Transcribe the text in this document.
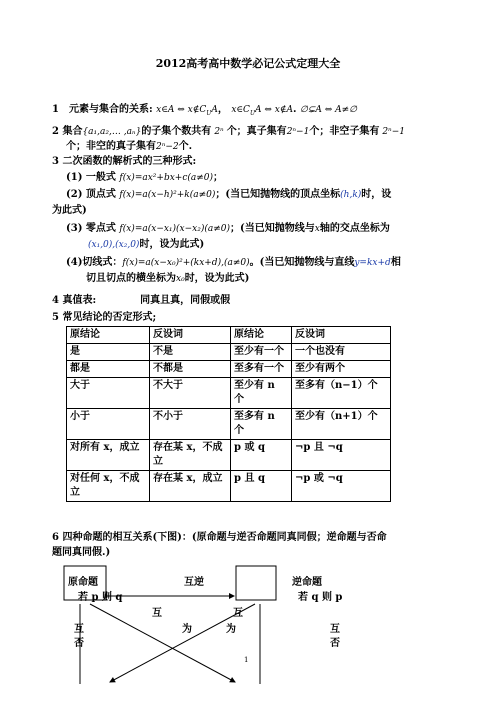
2012高考高中数学必记公式定理大全
1　元素与集合的关系: x∈A ⇔ $x\notin C_UA$， $x\in C_UA$ ⇔ x∉A. ∅⊊A ⇔ A≠∅
2 集合{a₁,a₂,… ,aₙ}的子集个数共有 2ⁿ 个；真子集有2ⁿ−1个；非空子集有 2ⁿ−1
个；非空的真子集有2ⁿ−2个.
3 二次函数的解析式的三种形式:
(1) 一般式 f(x)=ax²+bx+c(a≠0)；
(2) 顶点式 f(x)=a(x−h)²+k(a≠0)；(当已知抛物线的顶点坐标(h,k)时，设
为此式)
(3) 零点式 f(x)=a(x−x₁)(x−x₂)(a≠0)；(当已知抛物线与x轴的交点坐标为
(x₁,0),(x₂,0)时，设为此式)
(4)切线式：f(x)=a(x−x₀)²+(kx+d),(a≠0)。(当已知抛物线与直线y=kx+d相
切且切点的横坐标为x₀时，设为此式)
4 真值表:	同真且真，同假或假
5 常见结论的否定形式;
原结论	反设词	原结论	反设词
是	不是	至少有一个	一个也没有
都是	不都是	至多有一个	至少有两个
大于	不大于	至少有 n 个	至多有（n−1）个
小于	不小于	至多有 n 个	至少有（n+1）个
对所有 x，成立	存在某 x，不成立	p 或 q	¬p 且 ¬q
对任何 x，不成立	存在某 x，成立	p 且 q	¬p 或 ¬q
6 四种命题的相互关系(下图)：(原命题与逆否命题同真同假；逆命题与否命
题同真同假.)
原命题
若 p 则 q
互逆	逆命题
若 q 则 p
互	互
为	为
互
否
互
否
1
